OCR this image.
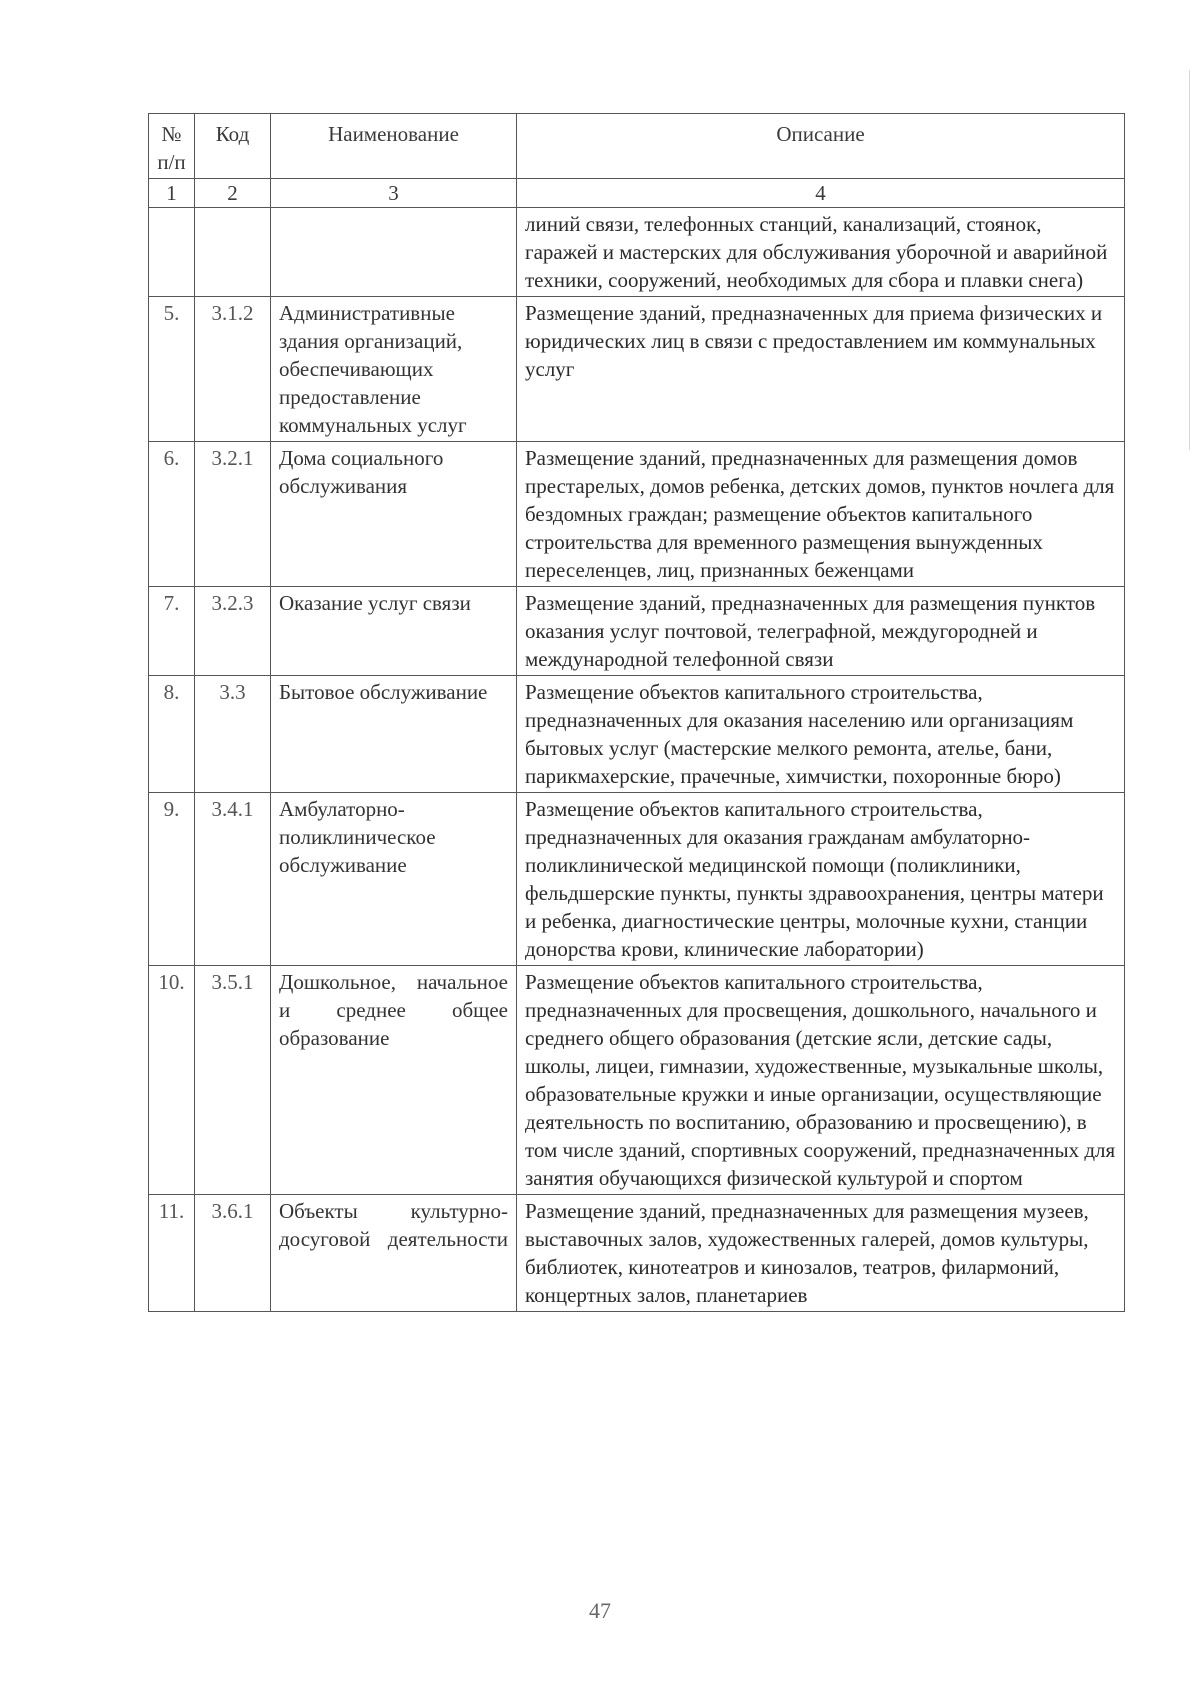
№ п/п	Код	Наименование	Описание
1	2	3	4
			линий связи, телефонных станций, канализаций, стоянок, гаражей и мастерских для обслуживания уборочной и аварийной техники, сооружений, необходимых для сбора и плавки снега)
5.	3.1.2	Административные здания организаций, обеспечивающих предоставление коммунальных услуг	Размещение зданий, предназначенных для приема физических и юридических лиц в связи с предоставлением им коммунальных услуг
6.	3.2.1	Дома социального обслуживания	Размещение зданий, предназначенных для размещения домов престарелых, домов ребенка, детских домов, пунктов ночлега для бездомных граждан; размещение объектов капитального строительства для временного размещения вынужденных переселенцев, лиц, признанных беженцами
7.	3.2.3	Оказание услуг связи	Размещение зданий, предназначенных для размещения пунктов оказания услуг почтовой, телеграфной, междугородней и международной телефонной связи
8.	3.3	Бытовое обслуживание	Размещение объектов капитального строительства, предназначенных для оказания населению или организациям бытовых услуг (мастерские мелкого ремонта, ателье, бани, парикмахерские, прачечные, химчистки, похоронные бюро)
9.	3.4.1	Амбулаторно-поликлиническое обслуживание	Размещение объектов капитального строительства, предназначенных для оказания гражданам амбулаторно-поликлинической медицинской помощи (поликлиники, фельдшерские пункты, пункты здравоохранения, центры матери и ребенка, диагностические центры, молочные кухни, станции донорства крови, клинические лаборатории)
10.	3.5.1	Дошкольное, начальное и среднее общее образование	Размещение объектов капитального строительства, предназначенных для просвещения, дошкольного, начального и среднего общего образования (детские ясли, детские сады, школы, лицеи, гимназии, художественные, музыкальные школы, образовательные кружки и иные организации, осуществляющие деятельность по воспитанию, образованию и просвещению), в том числе зданий, спортивных сооружений, предназначенных для занятия обучающихся физической культурой и спортом
11.	3.6.1	Объекты культурно-досуговой деятельности	Размещение зданий, предназначенных для размещения музеев, выставочных залов, художественных галерей, домов культуры, библиотек, кинотеатров и кинозалов, театров, филармоний, концертных залов, планетариев
47
